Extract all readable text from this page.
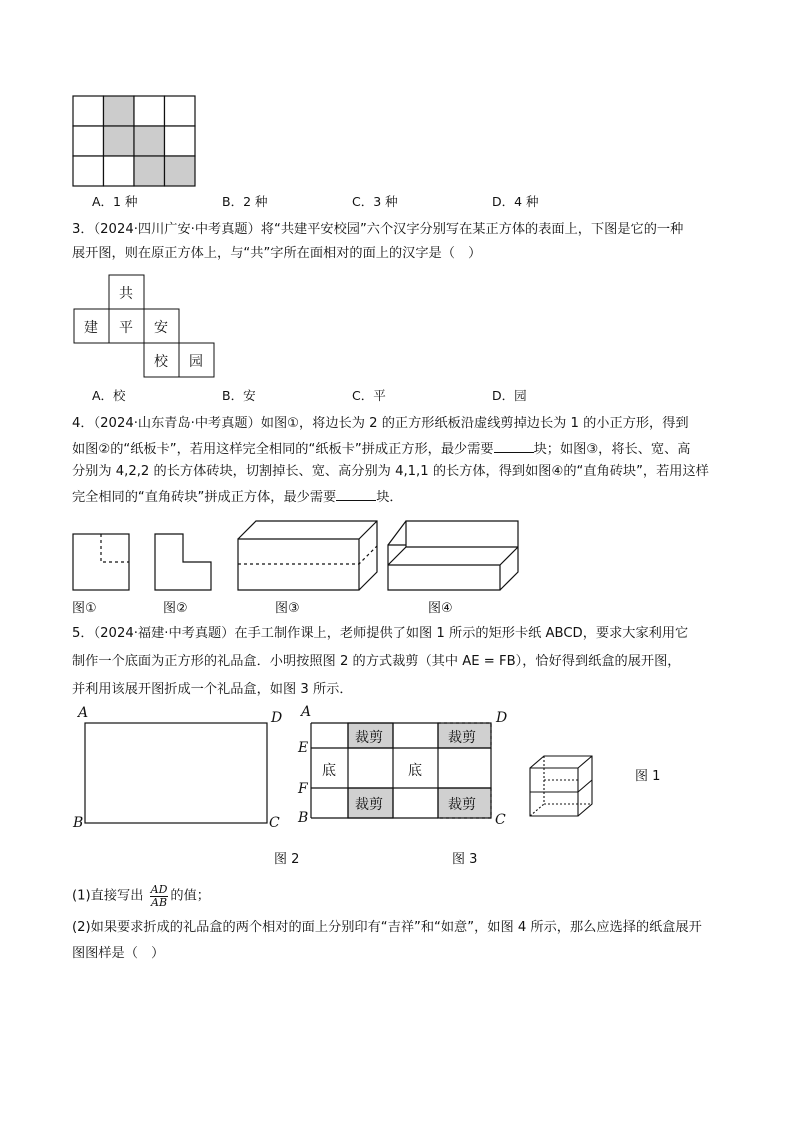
A．1 种	B．2 种	C．3 种	D．4 种
3．（2024·四川广安·中考真题）将“共建平安校园”六个汉字分别写在某正方体的表面上，下图是它的一种
展开图，则在原正方体上，与“共”字所在面相对的面上的汉字是（　）
共
建 平 安
校 园
A．校	B．安	C．平	D．园
4．（2024·山东青岛·中考真题）如图①，将边长为 2 的正方形纸板沿虚线剪掉边长为 1 的小正方形，得到
如图②的“纸板卡”，若用这样完全相同的“纸板卡”拼成正方形，最少需要	块；如图③，将长、宽、高
分别为 4,2,2 的长方体砖块，切割掉长、宽、高分别为 4,1,1 的长方体，得到如图④的“直角砖块”，若用这样
完全相同的“直角砖块”拼成正方体，最少需要	块．
图①	图②	图③	图④
5．（2024·福建·中考真题）在手工制作课上，老师提供了如图 1 所示的矩形卡纸 ABCD，要求大家利用它
制作一个底面为正方形的礼品盒．小明按照图 2 的方式裁剪（其中 AE = FB），恰好得到纸盒的展开图，
并利用该展开图折成一个礼品盒，如图 3 所示．
A	D
B	C
A	D
E
F
B	C
裁剪	裁剪
裁剪	裁剪
底	底	图 1
图 2	图 3
(1)直接写出 $\frac{AD}{AB}$ 的值；
(2)如果要求折成的礼品盒的两个相对的面上分别印有“吉祥”和“如意”，如图 4 所示，那么应选择的纸盒展开
图图样是（　）
